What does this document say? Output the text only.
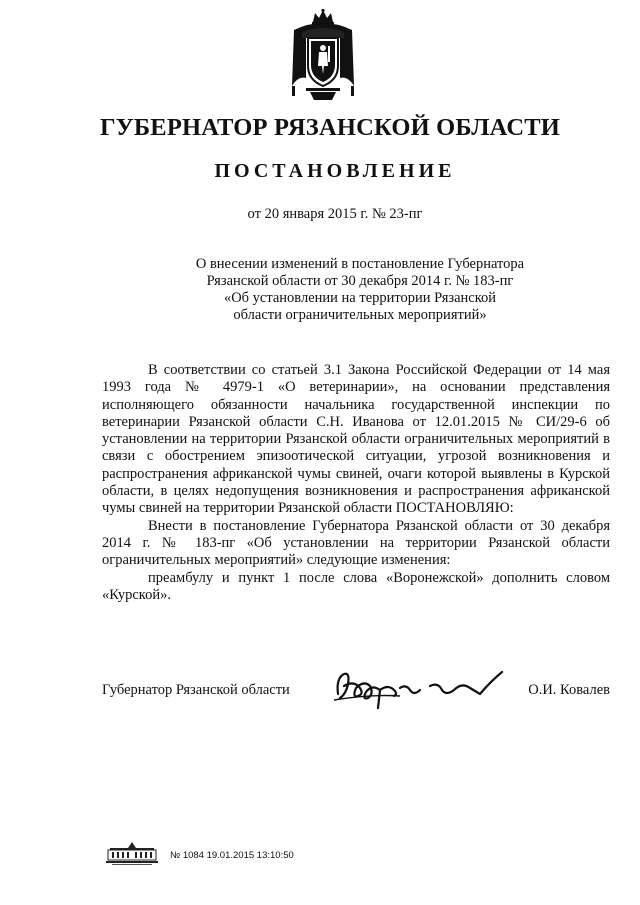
ГУБЕРНАТОР РЯЗАНСКОЙ ОБЛАСТИ
ПОСТАНОВЛЕНИЕ
от 20 января 2015 г. № 23-пг
О внесении изменений в постановление Губернатора
Рязанской области от 30 декабря 2014 г. № 183-пг
«Об установлении на территории Рязанской
области ограничительных мероприятий»

В соответствии со статьей 3.1 Закона Российской Федерации от 14 мая 1993 года № 4979-1 «О ветеринарии», на основании представления исполняющего обязанности начальника государственной инспекции по ветеринарии Рязанской области С.Н. Иванова от 12.01.2015 № СИ/29-6 об установлении на территории Рязанской области ограничительных мероприятий в связи с обострением эпизоотической ситуации, угрозой возникновения и распространения африканской чумы свиней, очаги которой выявлены в Курской области, в целях недопущения возникновения и распространения африканской чумы свиней на территории Рязанской области ПОСТАНОВЛЯЮ:

Внести в постановление Губернатора Рязанской области от 30 декабря 2014 г. № 183-пг «Об установлении на территории Рязанской области ограничительных мероприятий» следующие изменения:

преамбулу и пункт 1 после слова «Воронежской» дополнить словом «Курской».

Губернатор Рязанской области	О.И. Ковалев
№ 1084 19.01.2015 13:10:50
